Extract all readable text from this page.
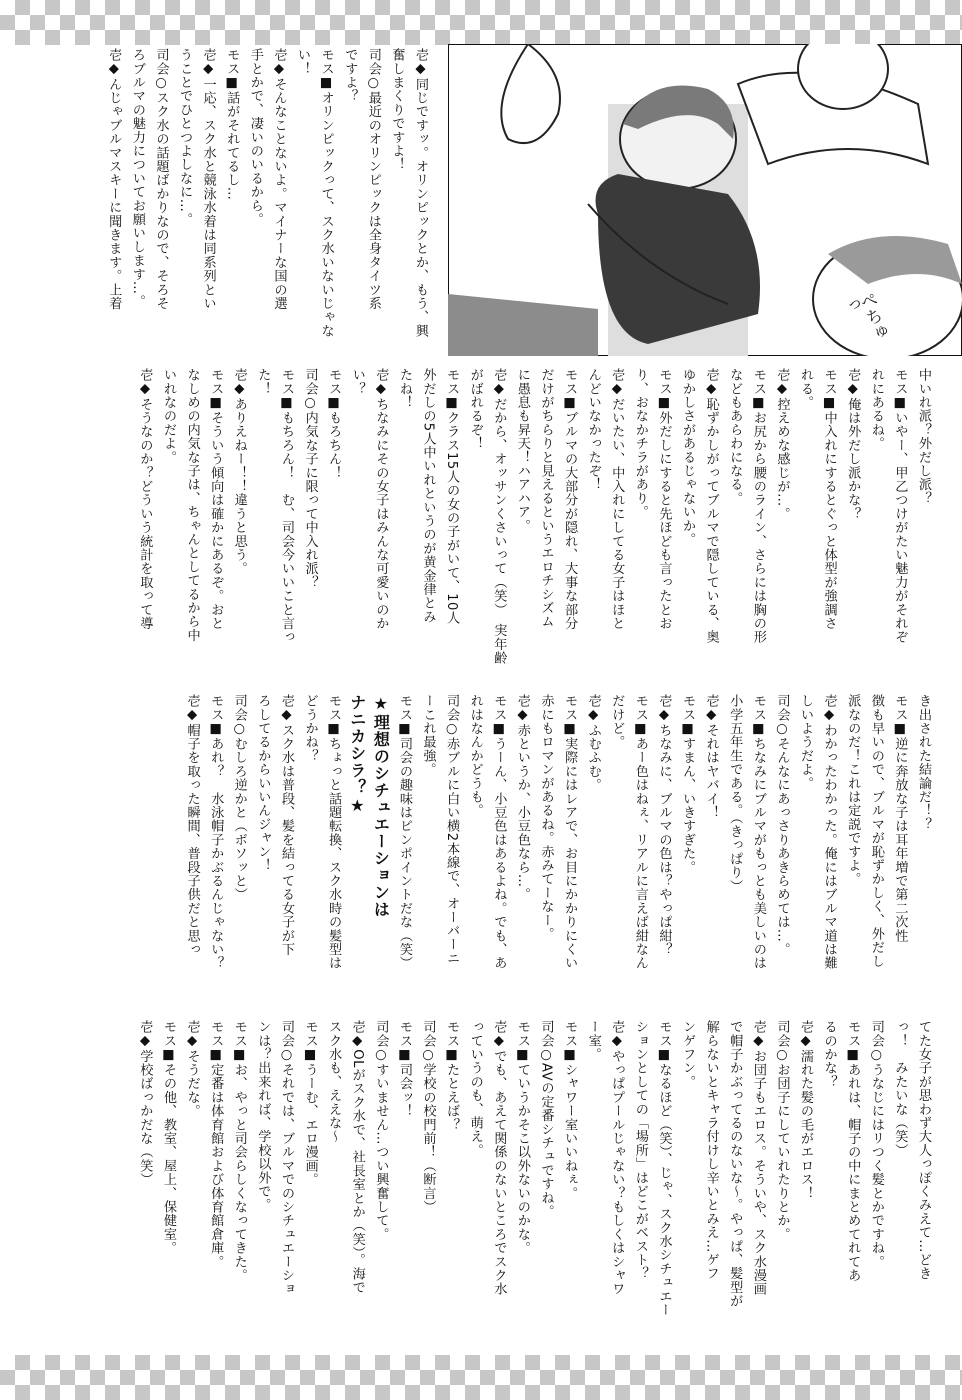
ぺちゅっ
壱◆同じですッ。オリンピックとか、もう、興
奮しまくりですよ！
司会○最近のオリンピックは全身タイツ系
ですよ？
モス■オリンピックって、スク水いないじゃな
い！
壱◆そんなことないよ。マイナーな国の選
手とかで、凄いのいるから。
モス■話がそれてるし…
壱◆一応、スク水と競泳水着は同系列とい
うことでひとつよしなに…。
司会○スク水の話題ばかりなので、そろそ
ろブルマの魅力についてお願いします…。
壱◆んじゃブルマスキーに聞きます。上着
中いれ派？外だし派？
モス■いやー、甲乙つけがたい魅力がそれぞ
れにあるね。
壱◆俺は外だし派かな？
モス■中入れにするとぐっと体型が強調さ
れる。
壱◆控えめな感じが…。
モス■お尻から腰のライン、さらには胸の形
などもあらわになる。
壱◆恥ずかしがってブルマで隠している、奥
ゆかしさがあるじゃないか。
モス■外だしにすると先ほども言ったとお
り、おなかチラがあり。
壱◆だいたい、中入れにしてる女子はほと
んどいなかったぞ！
モス■ブルマの大部分が隠れ、大事な部分
だけがちらりと見えるというエロチシズム
に愚息も昇天！ハアハア。
壱◆だから、オッサンくさいって（笑）　実年齢
がばれるぞ！
モス■クラス15人の女の子がいて、10人
外だしの5人中いれというのが黄金律とみ
たね！
壱◆ちなみにその女子はみんな可愛いのか
い？
モス■もろちん！
司会○内気な子に限って中入れ派？
モス■もちろん！　む、司会今いいこと言っ
た！
壱◆ありえねー！！違うと思う。
モス■そういう傾向は確かにあるぞ。おと
なしめの内気な子は、ちゃんとしてるから中
いれなのだよ。
壱◆そうなのか？どういう統計を取って導
き出された結論だ！？
モス■逆に奔放な子は耳年増で第二次性
徴も早いので、ブルマが恥ずかしく、外だし
派なのだ！これは定説ですよ。
壱◆わかったわかった。俺にはブルマ道は難
しいようだよ。
司会○そんなにあっさりあきらめては…。
モス■ちなみにブルマがもっとも美しいのは
小学五年生である。（きっぱり）
壱◆それはヤバイ！
モス■すまん、いきすぎた。
壱◆ちなみに、ブルマの色は？やっぱ紺？
モス■あー色はねぇ、リアルに言えば紺なん
だけど。
壱◆ふむふむ。
モス■実際にはレアで、お目にかかりにくい
赤にもロマンがあるね。赤みてーなー。
壱◆赤というか、小豆色なら…。
モス■うーん、小豆色はあるよね。でも、あ
れはなんかどうも。
司会○赤ブルに白い横2本線で、オーバーニ
ーこれ最強。
モス■司会の趣味はピンポイントだな（笑）
★理想のシチュエーションは
ナニカシラ？★
モス■ちょっと話題転換、スク水時の髪型は
どうかね？
壱◆スク水は普段、髪を結ってる女子が下
ろしてるからいいんジャン！
司会○むしろ逆かと（ボソッと）
モス■あれ？　水泳帽子かぶるんじゃない？
壱◆帽子を取った瞬間、普段子供だと思っ
てた女子が思わず大人っぽくみえて…どき
っ！　みたいな（笑）
司会○うなじにはリつく髪とかですね。
モス■あれは、帽子の中にまとめてれてあ
るのかな？
壱◆濡れた髪の毛がエロス！
司会○お団子にしていれたりとか。
壱◆お団子もエロス。そういや、スク水漫画
で帽子かぶってるのないな～。やっぱ、髪型が
解らないとキャラ付けし辛いとみえ…ゲフ
ンゲフン。
モス■なるほど（笑）、じゃ、スク水シチュエー
ションとしての「場所」はどこがベスト？
壱◆やっぱプールじゃない？もしくはシャワ
ー室。
モス■シャワー室いいねぇ。
司会○AVの定番シチュですね。
モス■ていうかそこ以外ないのかな。
壱◆でも、あえて関係のないところでスク水
っていうのも、萌え。
モス■たとえば？
司会○学校の校門前！（断言）
モス■司会ッ！
司会○すいません…つい興奮して。
壱◆OLがスク水で、社長室とか（笑）。海で
スク水も、ええな～
モス■うーむ、エロ漫画。
司会○それでは、ブルマでのシチュエーショ
ンは？出来れば、学校以外で。
モス■お、やっと司会らしくなってきた。
モス■定番は体育館および体育館倉庫。
壱◆そうだな。
モス■その他、教室、屋上、保健室。
壱◆学校ばっかだな（笑）
